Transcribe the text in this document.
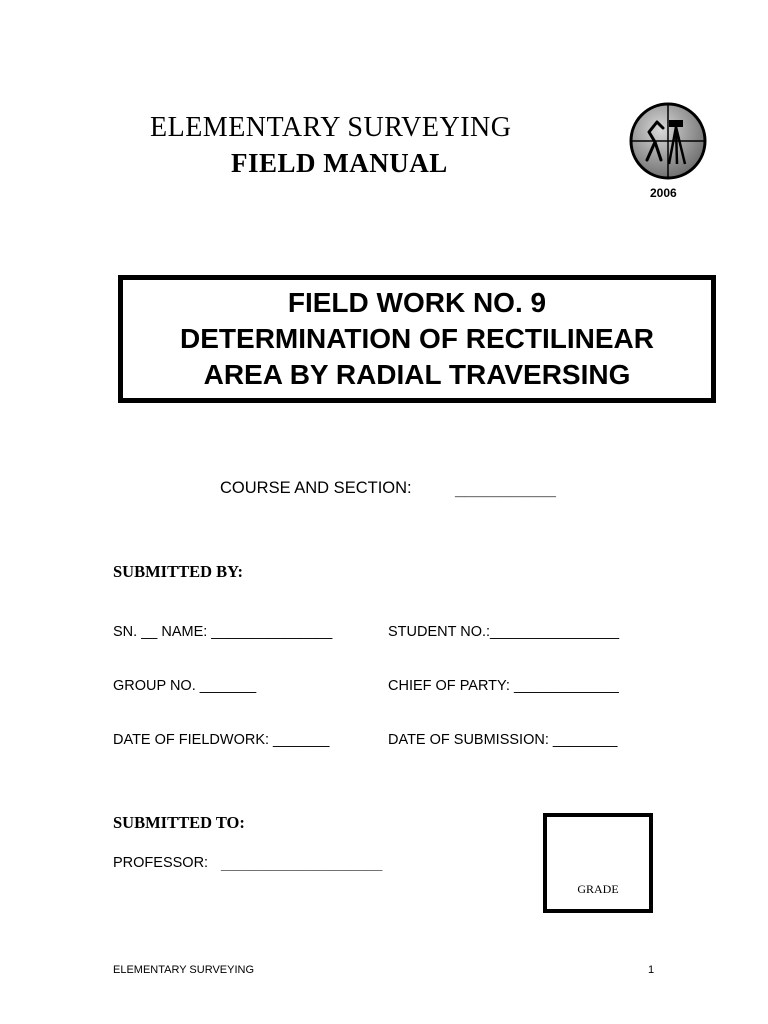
ELEMENTARY SURVEYING
FIELD MANUAL
2006
FIELD WORK NO. 9
DETERMINATION OF RECTILINEAR
AREA BY RADIAL TRAVERSING
COURSE AND SECTION:	___________
SUBMITTED BY:
SN. __ NAME: _______________	STUDENT NO.:________________
GROUP NO. _______	CHIEF OF PARTY: _____________
DATE OF FIELDWORK: _______	DATE OF SUBMISSION: ________
SUBMITTED TO:
PROFESSOR: ____________________
GRADE
ELEMENTARY SURVEYING	1
